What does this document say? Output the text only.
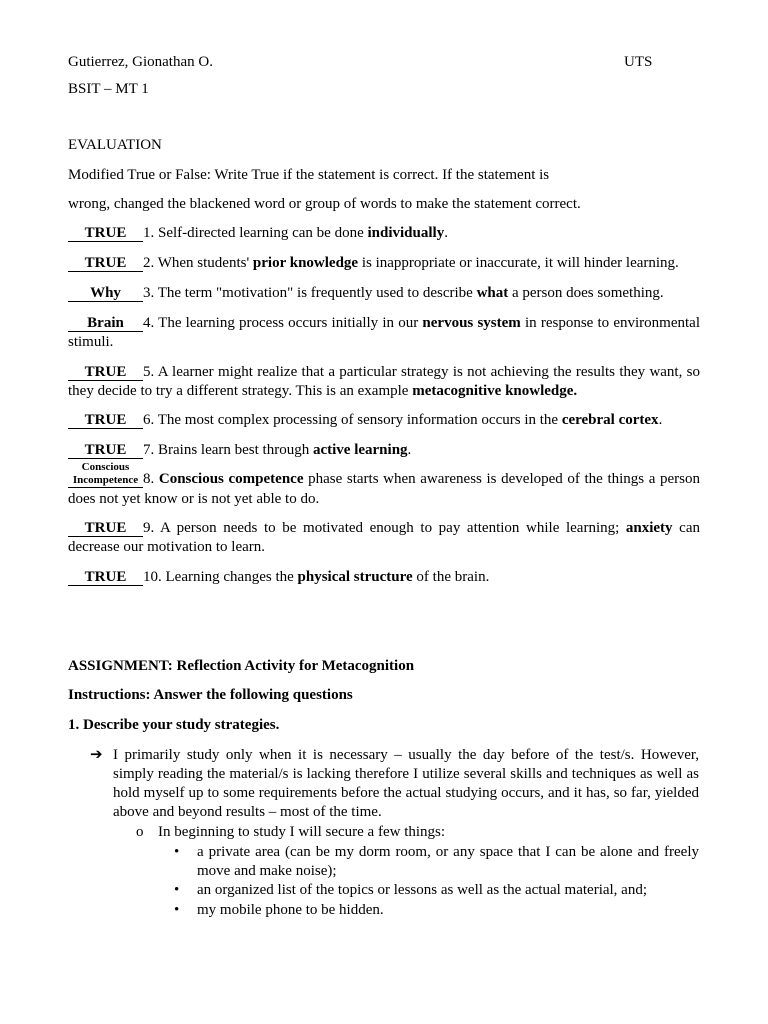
Gutierrez, Gionathan O.	UTS
BSIT – MT 1
EVALUATION
Modified True or False: Write True if the statement is correct. If the statement is
wrong, changed the blackened word or group of words to make the statement correct.
TRUE 1. Self-directed learning can be done individually.
TRUE 2. When students' prior knowledge is inappropriate or inaccurate, it will hinder learning.
Why 3. The term "motivation" is frequently used to describe what a person does something.
Brain 4. The learning process occurs initially in our nervous system in response to environmental stimuli.
TRUE 5. A learner might realize that a particular strategy is not achieving the results they want, so they decide to try a different strategy. This is an example metacognitive knowledge.
TRUE 6. The most complex processing of sensory information occurs in the cerebral cortex.
TRUE 7. Brains learn best through active learning.
Conscious
Incompetence 8. Conscious competence phase starts when awareness is developed of the things a person does not yet know or is not yet able to do.
TRUE 9. A person needs to be motivated enough to pay attention while learning; anxiety can decrease our motivation to learn.
TRUE 10. Learning changes the physical structure of the brain.
ASSIGNMENT: Reflection Activity for Metacognition
Instructions: Answer the following questions
1. Describe your study strategies.
➔ I primarily study only when it is necessary – usually the day before of the test/s. However, simply reading the material/s is lacking therefore I utilize several skills and techniques as well as hold myself up to some requirements before the actual studying occurs, and it has, so far, yielded above and beyond results – most of the time.
o In beginning to study I will secure a few things:
• a private area (can be my dorm room, or any space that I can be alone and freely move and make noise);
• an organized list of the topics or lessons as well as the actual material, and;
• my mobile phone to be hidden.
